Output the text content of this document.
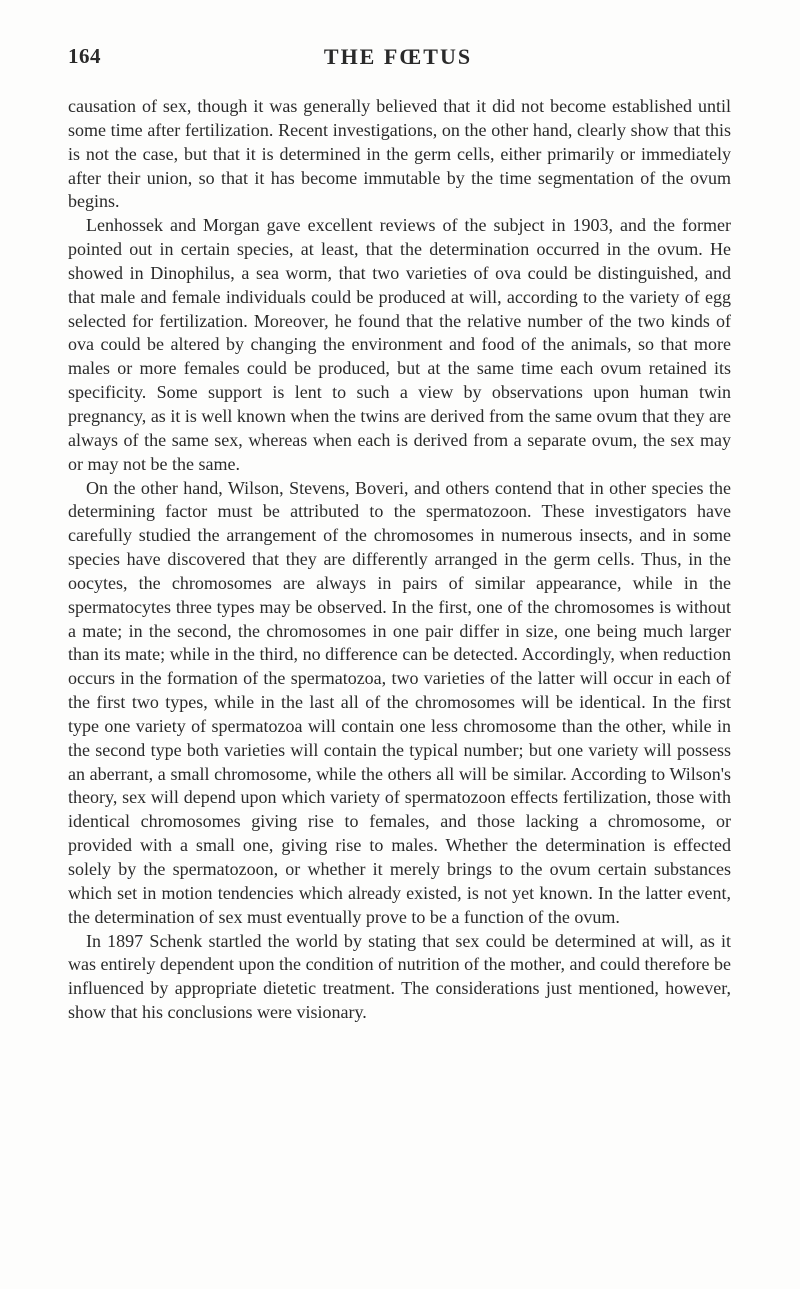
164	THE FŒTUS

causation of sex, though it was generally believed that it did not become established until some time after fertilization. Recent investigations, on the other hand, clearly show that this is not the case, but that it is determined in the germ cells, either primarily or immediately after their union, so that it has become immutable by the time segmentation of the ovum begins.

Lenhossek and Morgan gave excellent reviews of the subject in 1903, and the former pointed out in certain species, at least, that the determination occurred in the ovum. He showed in Dinophilus, a sea worm, that two varieties of ova could be distinguished, and that male and female individuals could be produced at will, according to the variety of egg selected for fertilization. Moreover, he found that the relative number of the two kinds of ova could be altered by changing the environment and food of the animals, so that more males or more females could be produced, but at the same time each ovum retained its specificity. Some support is lent to such a view by observations upon human twin pregnancy, as it is well known when the twins are derived from the same ovum that they are always of the same sex, whereas when each is derived from a separate ovum, the sex may or may not be the same.

On the other hand, Wilson, Stevens, Boveri, and others contend that in other species the determining factor must be attributed to the spermatozoon. These investigators have carefully studied the arrangement of the chromosomes in numerous insects, and in some species have discovered that they are differently arranged in the germ cells. Thus, in the oocytes, the chromosomes are always in pairs of similar appearance, while in the spermatocytes three types may be observed. In the first, one of the chromosomes is without a mate; in the second, the chromosomes in one pair differ in size, one being much larger than its mate; while in the third, no difference can be detected. Accordingly, when reduction occurs in the formation of the spermatozoa, two varieties of the latter will occur in each of the first two types, while in the last all of the chromosomes will be identical. In the first type one variety of spermatozoa will contain one less chromosome than the other, while in the second type both varieties will contain the typical number; but one variety will possess an aberrant, a small chromosome, while the others all will be similar. According to Wilson's theory, sex will depend upon which variety of spermatozoon effects fertilization, those with identical chromosomes giving rise to females, and those lacking a chromosome, or provided with a small one, giving rise to males. Whether the determination is effected solely by the spermatozoon, or whether it merely brings to the ovum certain substances which set in motion tendencies which already existed, is not yet known. In the latter event, the determination of sex must eventually prove to be a function of the ovum.

In 1897 Schenk startled the world by stating that sex could be determined at will, as it was entirely dependent upon the condition of nutrition of the mother, and could therefore be influenced by appropriate dietetic treatment. The considerations just mentioned, however, show that his conclusions were visionary.
